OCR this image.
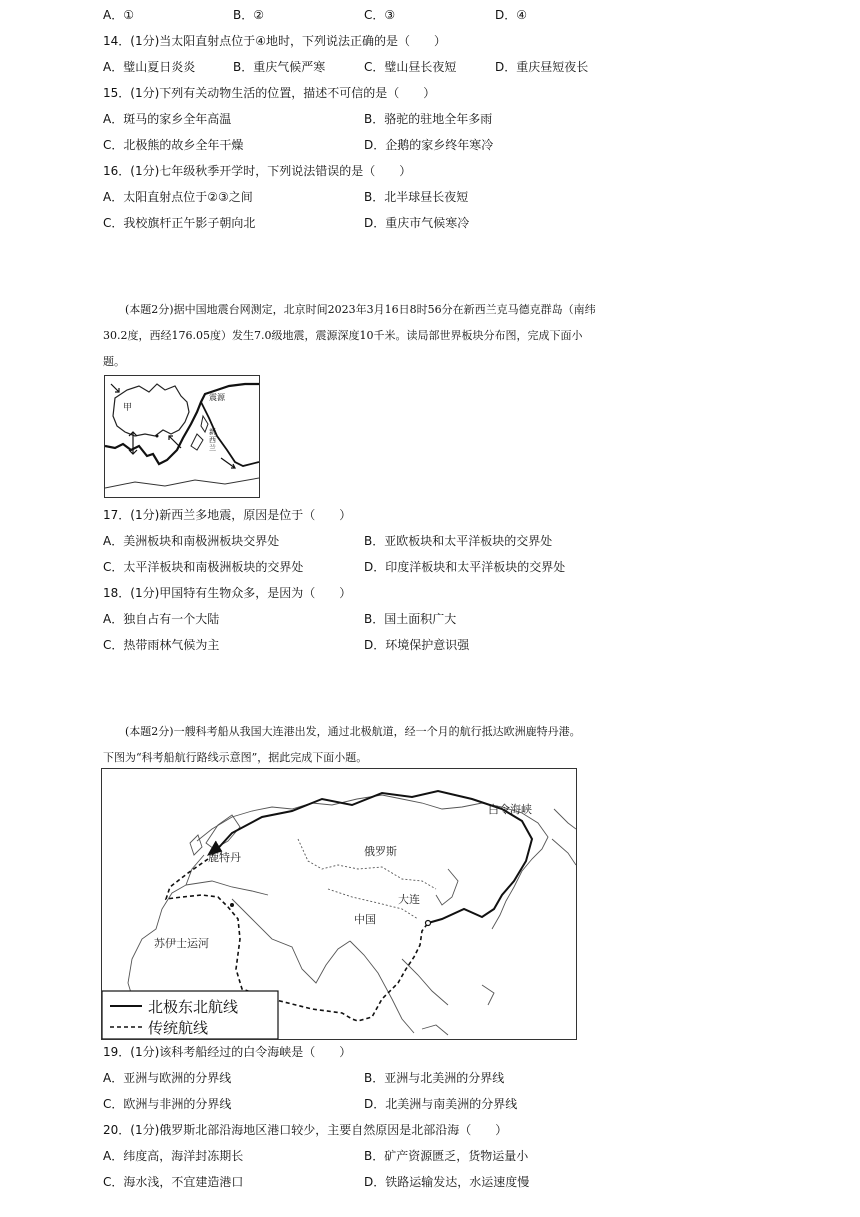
A．①	B．②	C．③	D．④
14．(1分)当太阳直射点位于④地时，下列说法正确的是（　　）
A．璧山夏日炎炎	B．重庆气候严寒	C．璧山昼长夜短	D．重庆昼短夜长
15．(1分)下列有关动物生活的位置，描述不可信的是（　　）
A．斑马的家乡全年高温	B．骆驼的驻地全年多雨
C．北极熊的故乡全年干燥	D．企鹅的家乡终年寒冷
16．(1分)七年级秋季开学时，下列说法错误的是（　　）
A．太阳直射点位于②③之间	B．北半球昼长夜短
C．我校旗杆正午影子朝向北	D．重庆市气候寒冷
(本题2分)据中国地震台网测定，北京时间2023年3月16日8时56分在新西兰克马德克群岛（南纬
30.2度，西经176.05度）发生7.0级地震，震源深度10千米。读局部世界板块分布图，完成下面小
题。
甲
震源
新
西
兰
17．(1分)新西兰多地震，原因是位于（　　）
A．美洲板块和南极洲板块交界处	B．亚欧板块和太平洋板块的交界处
C．太平洋板块和南极洲板块的交界处	D．印度洋板块和太平洋板块的交界处
18．(1分)甲国特有生物众多，是因为（　　）
A．独自占有一个大陆	B．国土面积广大
C．热带雨林气候为主	D．环境保护意识强
(本题2分)一艘科考船从我国大连港出发，通过北极航道，经一个月的航行抵达欧洲鹿特丹港。
下图为“科考船航行路线示意图”，据此完成下面小题。
白令海峡
鹿特丹	俄罗斯
中国
大连
苏伊士运河
北极东北航线
传统航线
19．(1分)该科考船经过的白令海峡是（　　）
A．亚洲与欧洲的分界线	B．亚洲与北美洲的分界线
C．欧洲与非洲的分界线	D．北美洲与南美洲的分界线
20．(1分)俄罗斯北部沿海地区港口较少，主要自然原因是北部沿海（　　）
A．纬度高，海洋封冻期长	B．矿产资源匮乏，货物运量小
C．海水浅，不宜建造港口	D．铁路运输发达，水运速度慢
